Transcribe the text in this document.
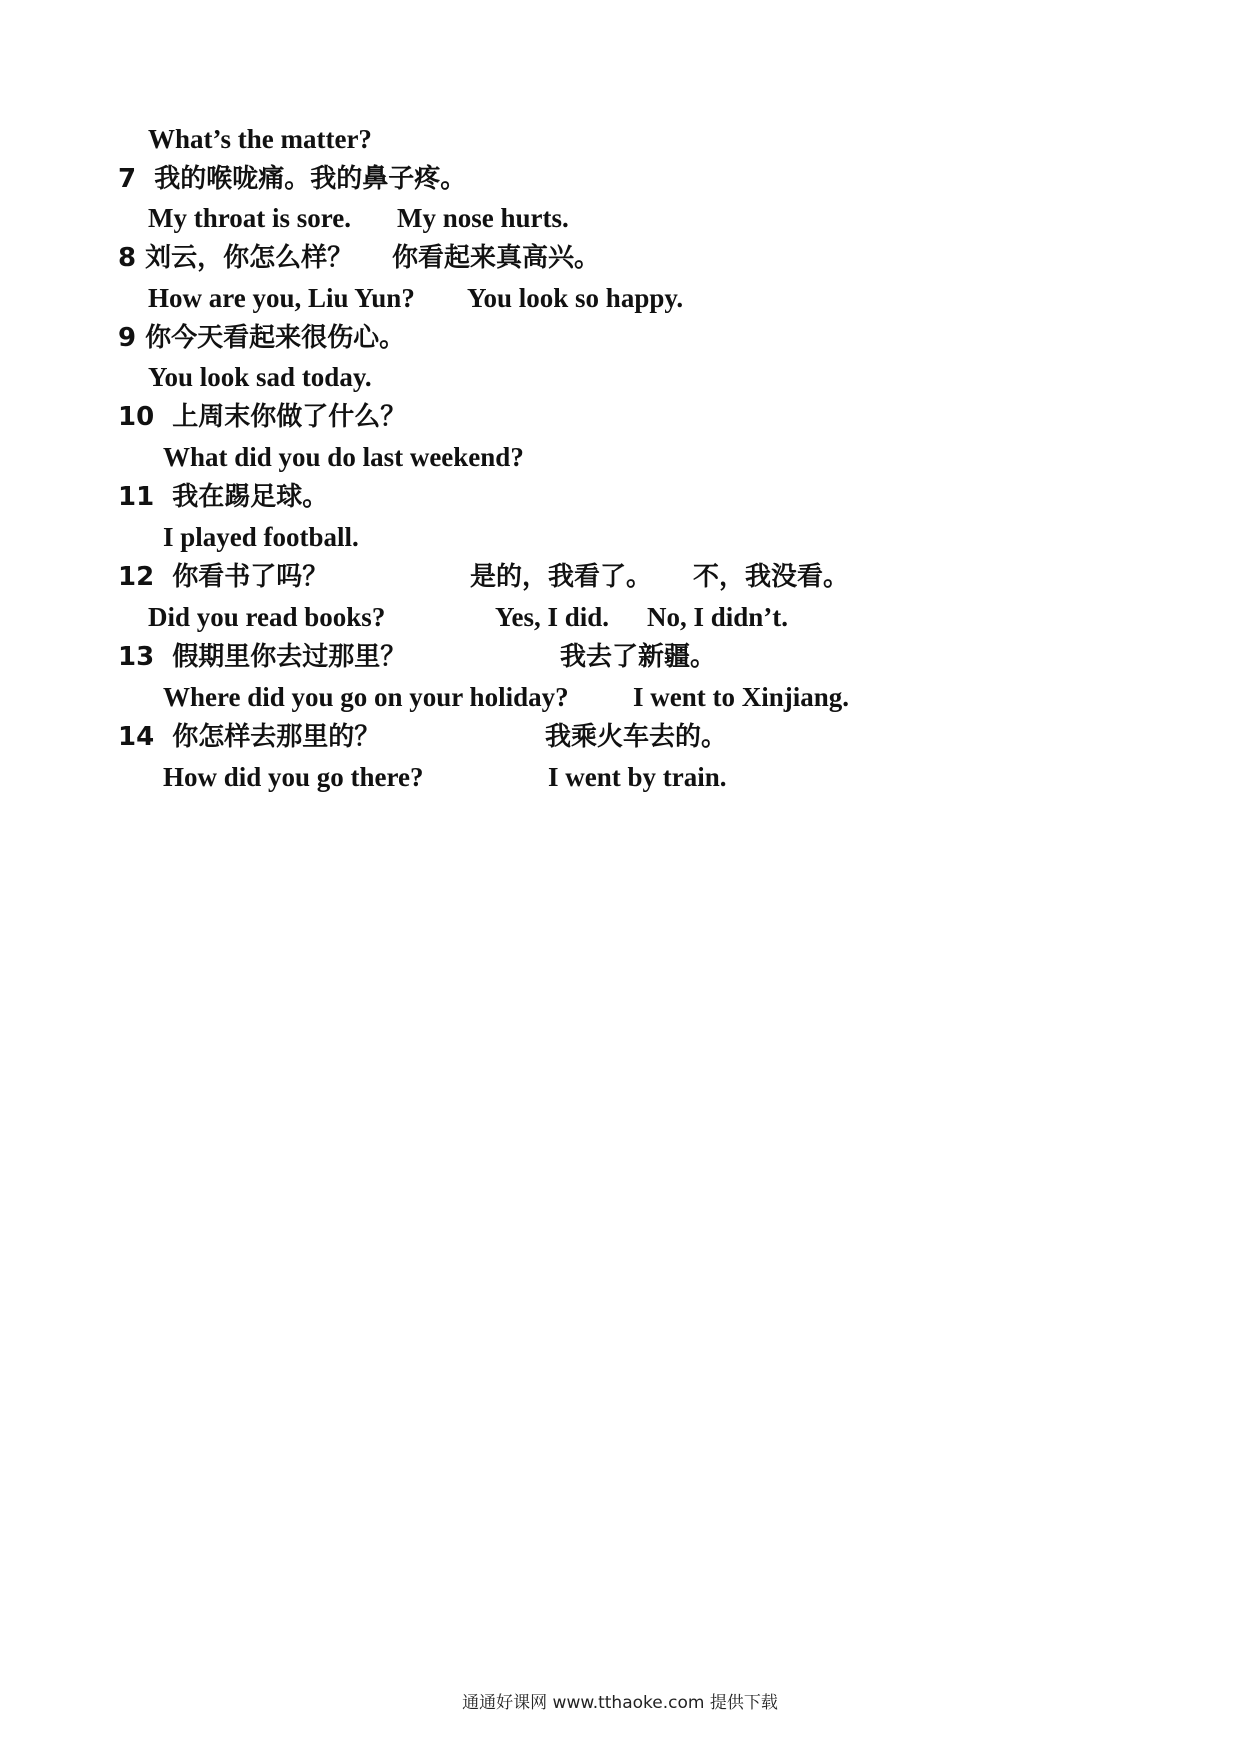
What’s the matter?

7  我的喉咙痛。我的鼻子疼。

My throat is sore.

My nose hurts.

8 刘云，你怎么样？

你看起来真高兴。

How are you, Liu Yun?

You look so happy.

9 你今天看起来很伤心。

You look sad today.

10  上周末你做了什么？

What did you do last weekend?

11  我在踢足球。

I played football.

12  你看书了吗？

	是的，我看了。

不，我没看。

Did you read books?

	Yes, I did.

No, I didn’t.

13  假期里你去过那里？

	我去了新疆。

Where did you go on your holiday?

I went to Xinjiang.

14  你怎样去那里的？

	我乘火车去的。

How did you go there?

	I went by train.

通通好课网 www.tthaoke.com 提供下载
